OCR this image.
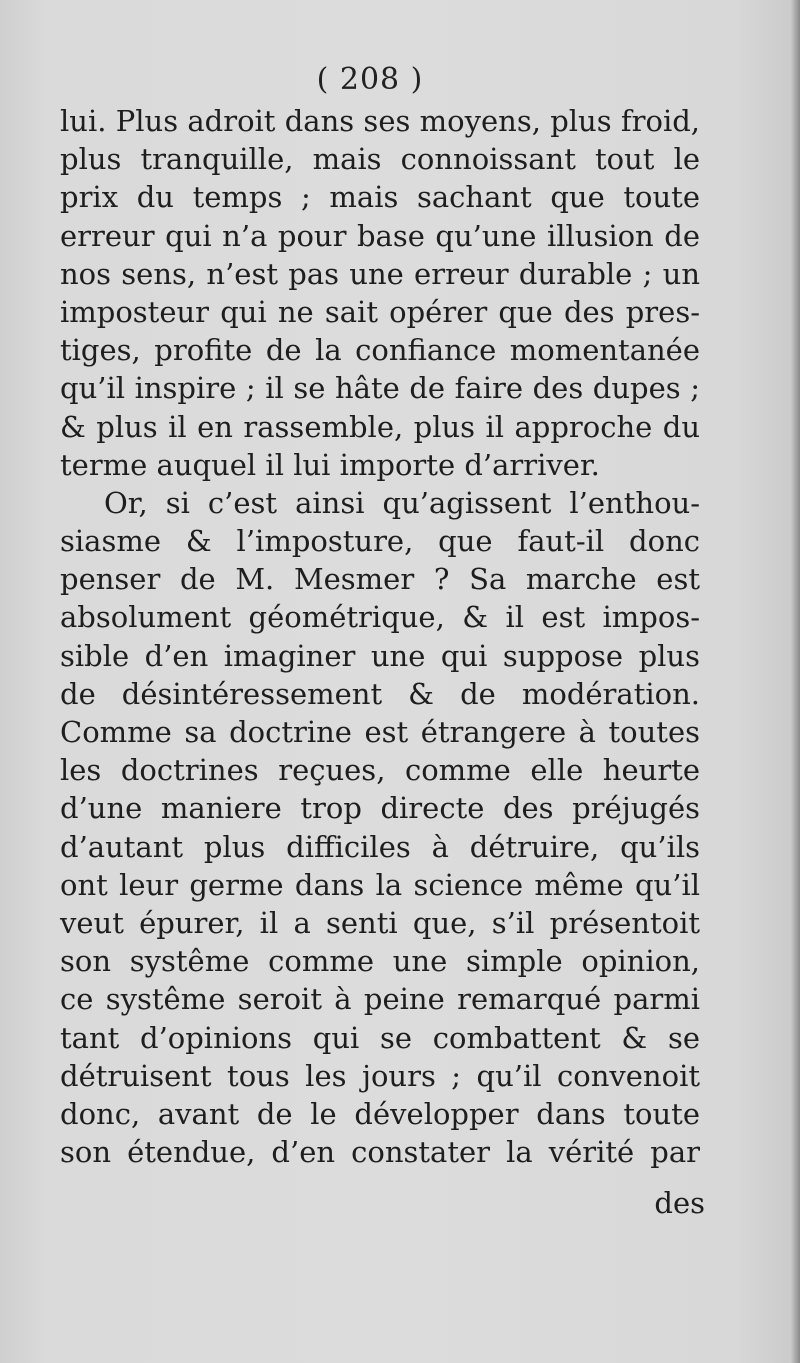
( 208 )
lui. Plus adroit dans ses moyens, plus froid,
plus tranquille, mais connoissant tout le
prix du temps ; mais sachant que toute
erreur qui n’a pour base qu’une illusion de
nos sens, n’est pas une erreur durable ; un
imposteur qui ne sait opérer que des pres-
tiges, profite de la confiance momentanée
qu’il inspire ; il se hâte de faire des dupes ;
& plus il en rassemble, plus il approche du
terme auquel il lui importe d’arriver.
Or, si c’est ainsi qu’agissent l’enthou-
siasme & l’imposture, que faut-il donc
penser de M. Mesmer ? Sa marche est
absolument géométrique, & il est impos-
sible d’en imaginer une qui suppose plus
de désintéressement & de modération.
Comme sa doctrine est étrangere à toutes
les doctrines reçues, comme elle heurte
d’une maniere trop directe des préjugés
d’autant plus difficiles à détruire, qu’ils
ont leur germe dans la science même qu’il
veut épurer, il a senti que, s’il présentoit
son systême comme une simple opinion,
ce systême seroit à peine remarqué parmi
tant d’opinions qui se combattent & se
détruisent tous les jours ; qu’il convenoit
donc, avant de le développer dans toute
son étendue, d’en constater la vérité par
des
